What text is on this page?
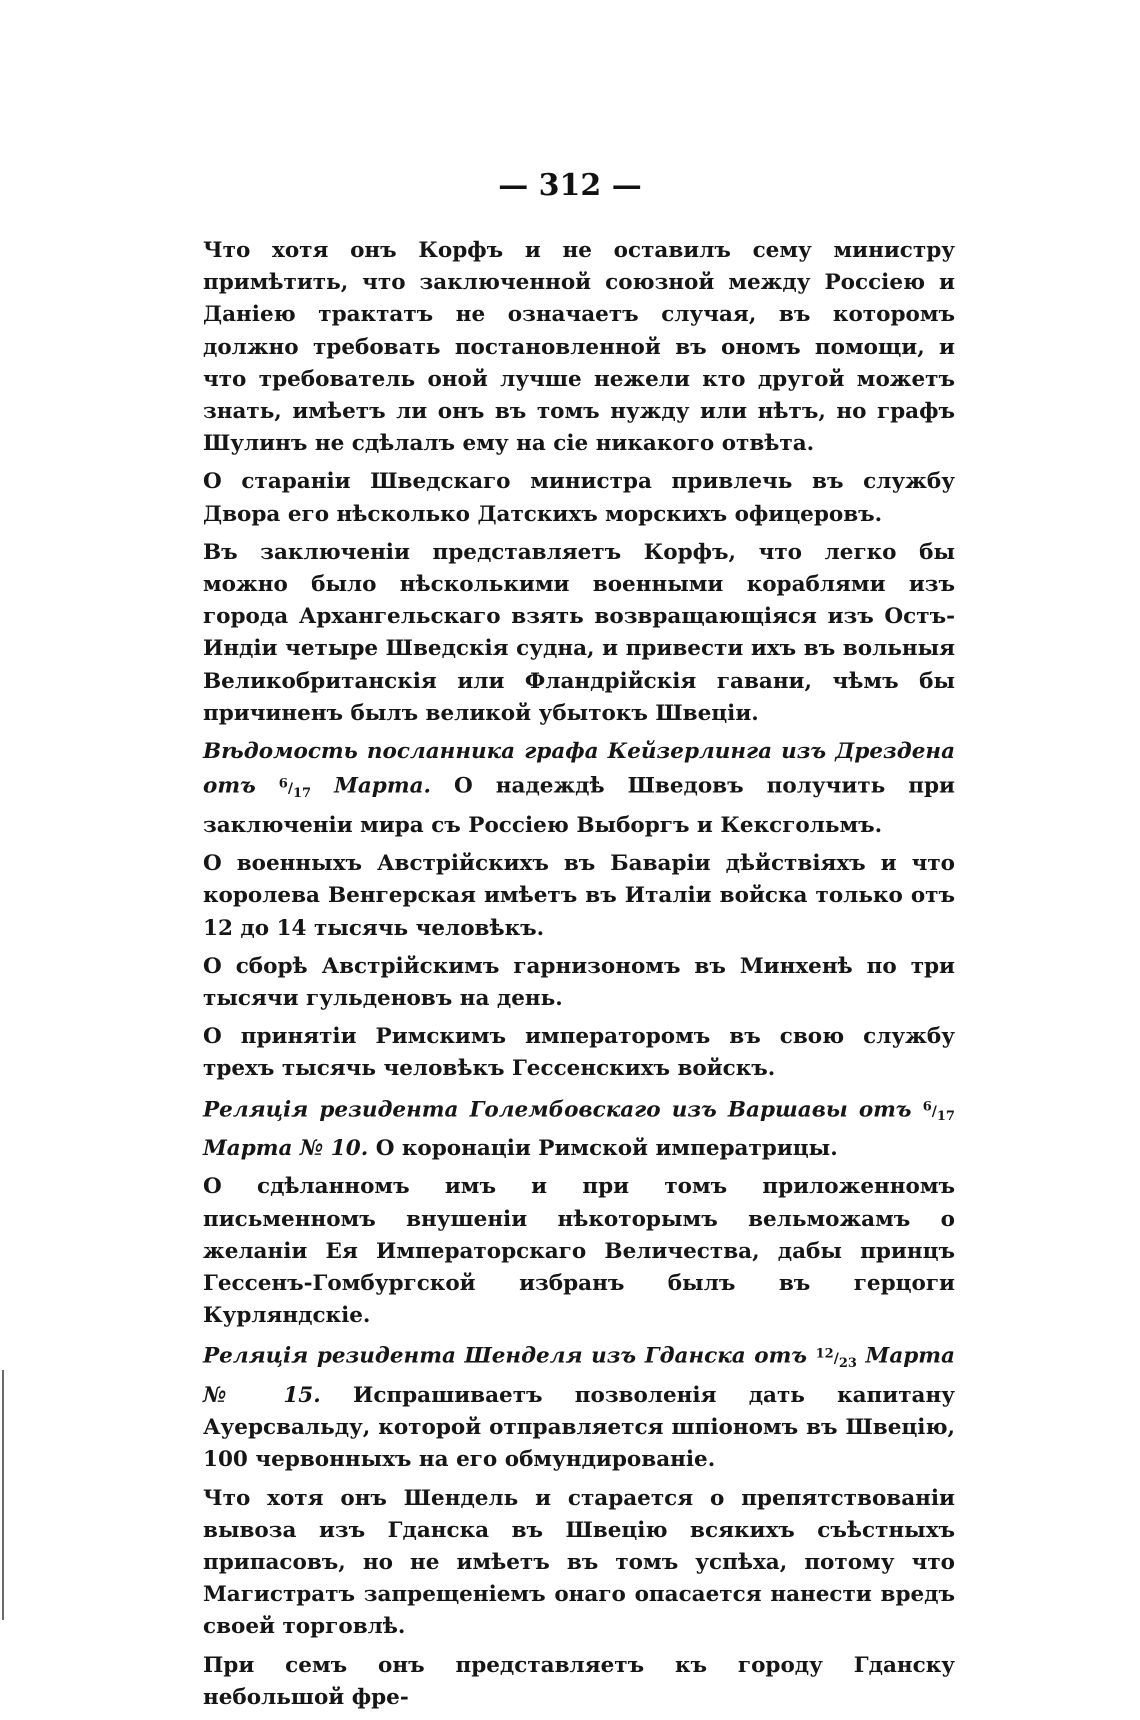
— 312 —

Что хотя онъ Корфъ и не оставилъ сему министру примѣтить, что заключенной союзной между Россіею и Даніею трактатъ не означаетъ случая, въ которомъ должно требовать постановленной въ ономъ помощи, и что требователь оной лучше нежели кто другой можетъ знать, имѣетъ ли онъ въ томъ нужду или нѣтъ, но графъ Шулинъ не сдѣлалъ ему на сіе никакого отвѣта.

О стараніи Шведскаго министра привлечь въ службу Двора его нѣсколько Датскихъ морскихъ офицеровъ.

Въ заключеніи представляетъ Корфъ, что легко бы можно было нѣсколькими военными кораблями изъ города Архангельскаго взять возвращающіяся изъ Остъ-Индіи четыре Шведскія судна, и привести ихъ въ вольныя Великобританскія или Фландрійскія гавани, чѣмъ бы причиненъ былъ великой убытокъ Швеціи.

Вѣдомость посланника графа Кейзерлинга изъ Дрездена отъ 6/17 Марта. О надеждѣ Шведовъ получить при заключеніи мира съ Россіею Выборгъ и Кексгольмъ.

О военныхъ Австрійскихъ въ Баваріи дѣйствіяхъ и что королева Венгерская имѣетъ въ Италіи войска только отъ 12 до 14 тысячь человѣкъ.

О сборѣ Австрійскимъ гарнизономъ въ Минхенѣ по три тысячи гульденовъ на день.

О принятіи Римскимъ императоромъ въ свою службу трехъ тысячь человѣкъ Гессенскихъ войскъ.

Реляція резидента Голембовскаго изъ Варшавы отъ 6/17 Марта № 10. О коронаціи Римской императрицы.

О сдѣланномъ имъ и при томъ приложенномъ письменномъ внушеніи нѣкоторымъ вельможамъ о желаніи Ея Императорскаго Величества, дабы принцъ Гессенъ-Гомбургской избранъ былъ въ герцоги Курляндскіе.

Реляція резидента Шенделя изъ Гданска отъ 12/23 Марта № 15. Испрашиваетъ позволенія дать капитану Ауерсвальду, которой отправляется шпіономъ въ Швецію, 100 червонныхъ на его обмундированіе.

Что хотя онъ Шендель и старается о препятствованіи вывоза изъ Гданска въ Швецію всякихъ съѣстныхъ припасовъ, но не имѣетъ въ томъ успѣха, потому что Магистратъ запрещеніемъ онаго опасается нанести вредъ своей торговлѣ.

При семъ онъ представляетъ къ городу Гданску небольшой фре-
